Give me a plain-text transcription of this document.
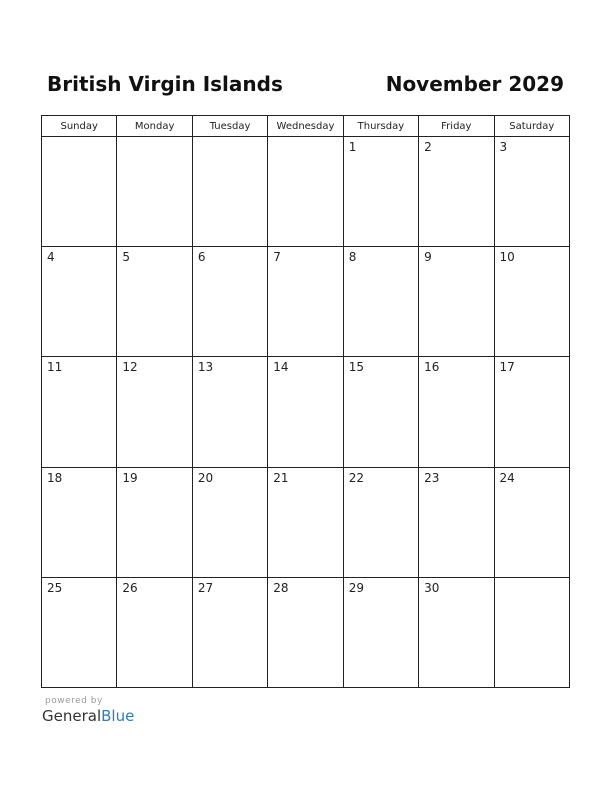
British Virgin Islands	November 2029
Sunday	Monday	Tuesday	Wednesday	Thursday	Friday	Saturday

				1	2	3

4	5	6	7	8	9	10

11	12	13	14	15	16	17

18	19	20	21	22	23	24

25	26	27	28	29	30	

powered by
GeneralBlue
